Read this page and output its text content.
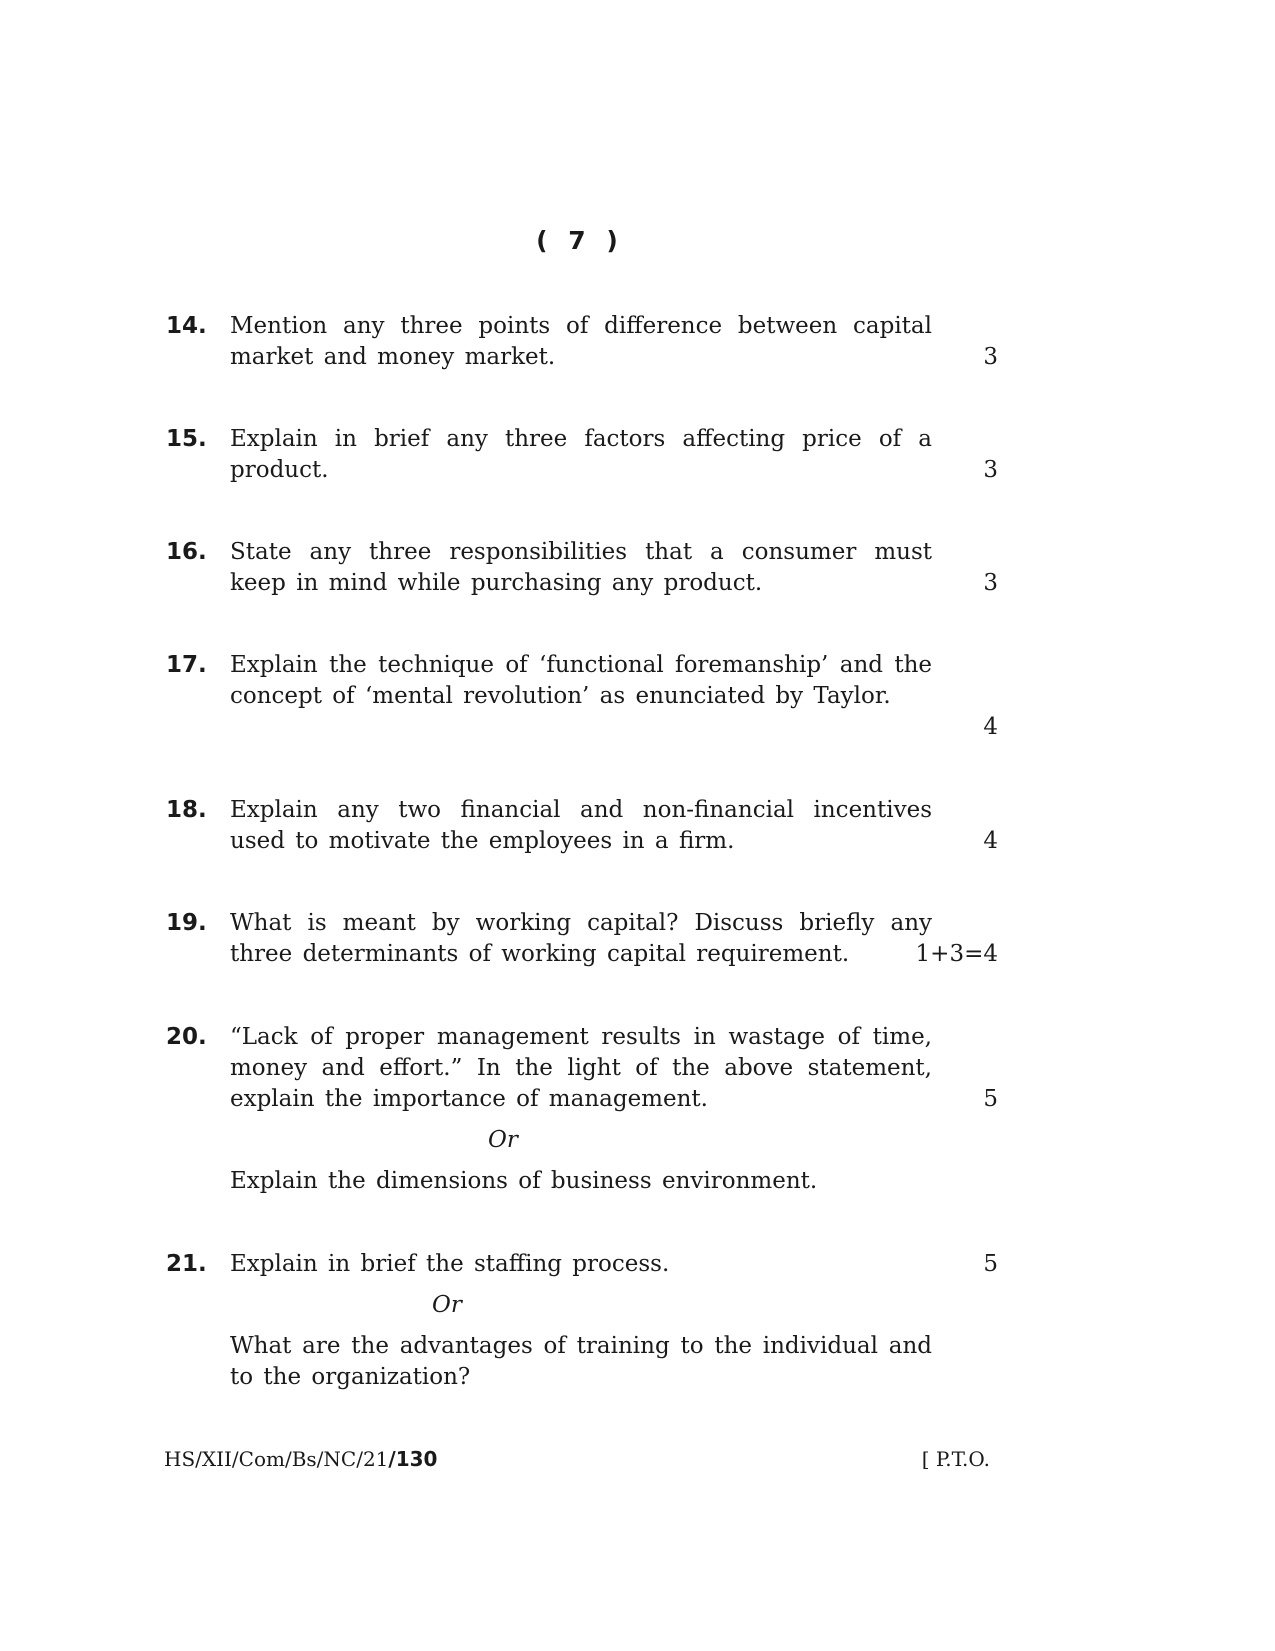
( 7 )
14. Mention any three points of difference between capital market and money market.	3
15. Explain in brief any three factors affecting price of a product.	3
16. State any three responsibilities that a consumer must keep in mind while purchasing any product.	3
17. Explain the technique of ‘functional foremanship’ and the concept of ‘mental revolution’ as enunciated by Taylor.
4
18. Explain any two financial and non-financial incentives used to motivate the employees in a firm.	4
19. What is meant by working capital? Discuss briefly any three determinants of working capital requirement.	1+3=4
20. “Lack of proper management results in wastage of time, money and effort.” In the light of the above statement, explain the importance of management.	5
Or
Explain the dimensions of business environment.
21. Explain in brief the staffing process.	5
Or
What are the advantages of training to the individual and to the organization?
HS/XII/Com/Bs/NC/21/130	[ P.T.O.
